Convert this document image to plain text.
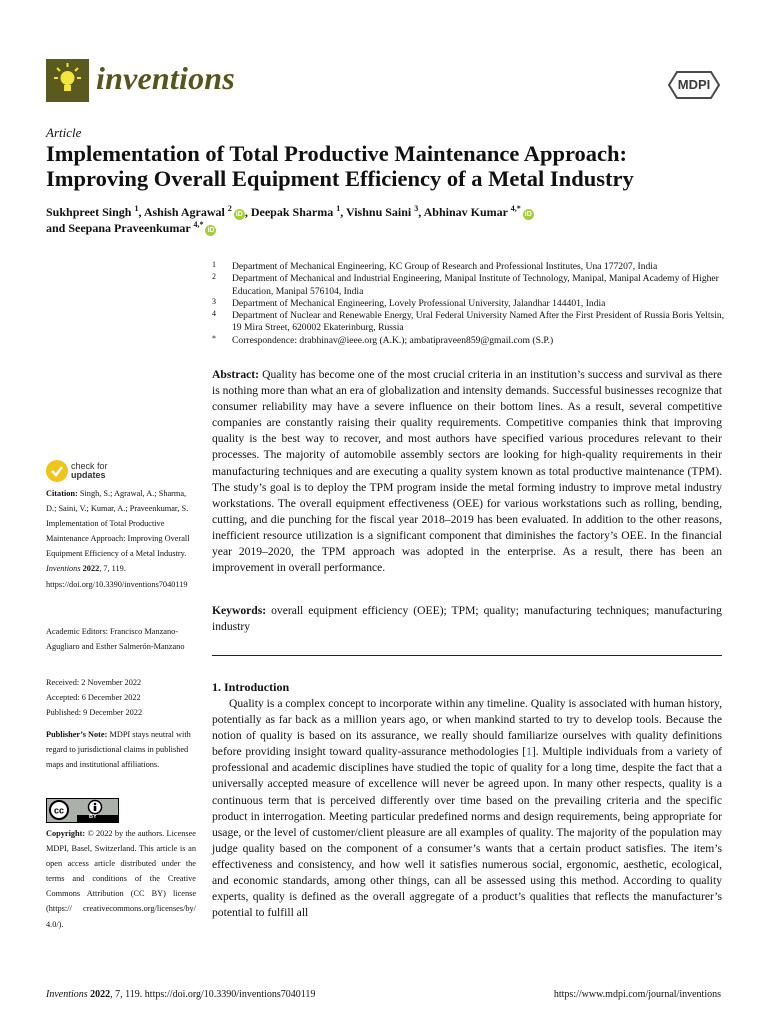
inventions	MDPI
Article
Implementation of Total Productive Maintenance Approach:
Improving Overall Equipment Efficiency of a Metal Industry
Sukhpreet Singh $^1$, Ashish Agrawal $^2$iD , Deepak Sharma $^1$, Vishnu Saini $^3$, Abhinav Kumar $^{4,*}$iD
and Seepana Praveenkumar $^{4,*}$iD
1 Department of Mechanical Engineering, KC Group of Research and Professional Institutes, Una 177207, India
2 Department of Mechanical and Industrial Engineering, Manipal Institute of Technology, Manipal, Manipal Academy of Higher Education, Manipal 576104, India
3 Department of Mechanical Engineering, Lovely Professional University, Jalandhar 144401, India
4 Department of Nuclear and Renewable Energy, Ural Federal University Named After the First President of Russia Boris Yeltsin, 19 Mira Street, 620002 Ekaterinburg, Russia
* Correspondence: drabhinav@ieee.org (A.K.); ambatipraveen859@gmail.com (S.P.)
Abstract: Quality has become one of the most crucial criteria in an institution’s success and survival as there is nothing more than what an era of globalization and intensity demands. Successful businesses recognize that consumer reliability may have a severe influence on their bottom lines. As a result, several competitive companies are constantly raising their quality requirements. Competitive companies think that improving quality is the best way to recover, and most authors have specified various procedures relevant to their processes. The majority of automobile assembly sectors are looking for high-quality requirements in their manufacturing techniques and are executing a quality system known as total productive maintenance (TPM). The study’s goal is to deploy the TPM program inside the metal forming industry to improve metal industry workstations. The overall equipment effectiveness (OEE) for various workstations such as rolling, bending, cutting, and die punching for the fiscal year 2018–2019 has been evaluated. In addition to the other reasons, inefficient resource utilization is a significant component that diminishes the factory’s OEE. In the financial year 2019–2020, the TPM approach was adopted in the enterprise. As a result, there has been an improvement in overall performance.
Keywords: overall equipment efficiency (OEE); TPM; quality; manufacturing techniques; manufacturing industry
1. Introduction
Quality is a complex concept to incorporate within any timeline. Quality is associated with human history, potentially as far back as a million years ago, or when mankind started to try to develop tools. Because the notion of quality is based on its assurance, we really should familiarize ourselves with quality definitions before providing insight toward quality-assurance methodologies [1]. Multiple individuals from a variety of professional and academic disciplines have studied the topic of quality for a long time, despite the fact that a universally accepted measure of excellence will never be agreed upon. In many other respects, quality is a continuous term that is perceived differently over time based on the prevailing criteria and the specific product in interrogation. Meeting particular predefined norms and design requirements, being appropriate for usage, or the level of customer/client pleasure are all examples of quality. The majority of the population may judge quality based on the component of a consumer’s wants that a certain product satisfies. The item’s effectiveness and consistency, and how well it satisfies numerous social, ergonomic, aesthetic, ecological, and economic standards, among other things, can all be assessed using this method. According to quality experts, quality is defined as the overall aggregate of a product’s qualities that reflects the manufacturer’s potential to fulfill all
check for
updates
Citation: Singh, S.; Agrawal, A.; Sharma, D.; Saini, V.; Kumar, A.; Praveenkumar, S. Implementation of Total Productive Maintenance Approach: Improving Overall Equipment Efficiency of a Metal Industry. Inventions 2022, 7, 119. https://doi.org/10.3390/inventions7040119
Academic Editors: Francisco Manzano-Agugliaro and Esther Salmerón-Manzano
Received: 2 November 2022
Accepted: 6 December 2022
Published: 9 December 2022
Publisher’s Note: MDPI stays neutral with regard to jurisdictional claims in published maps and institutional affiliations.
cc
BY
Copyright: © 2022 by the authors. Licensee MDPI, Basel, Switzerland. This article is an open access article distributed under the terms and conditions of the Creative Commons Attribution (CC BY) license (https:// creativecommons.org/licenses/by/ 4.0/).
Inventions 2022, 7, 119. https://doi.org/10.3390/inventions7040119	https://www.mdpi.com/journal/inventions
